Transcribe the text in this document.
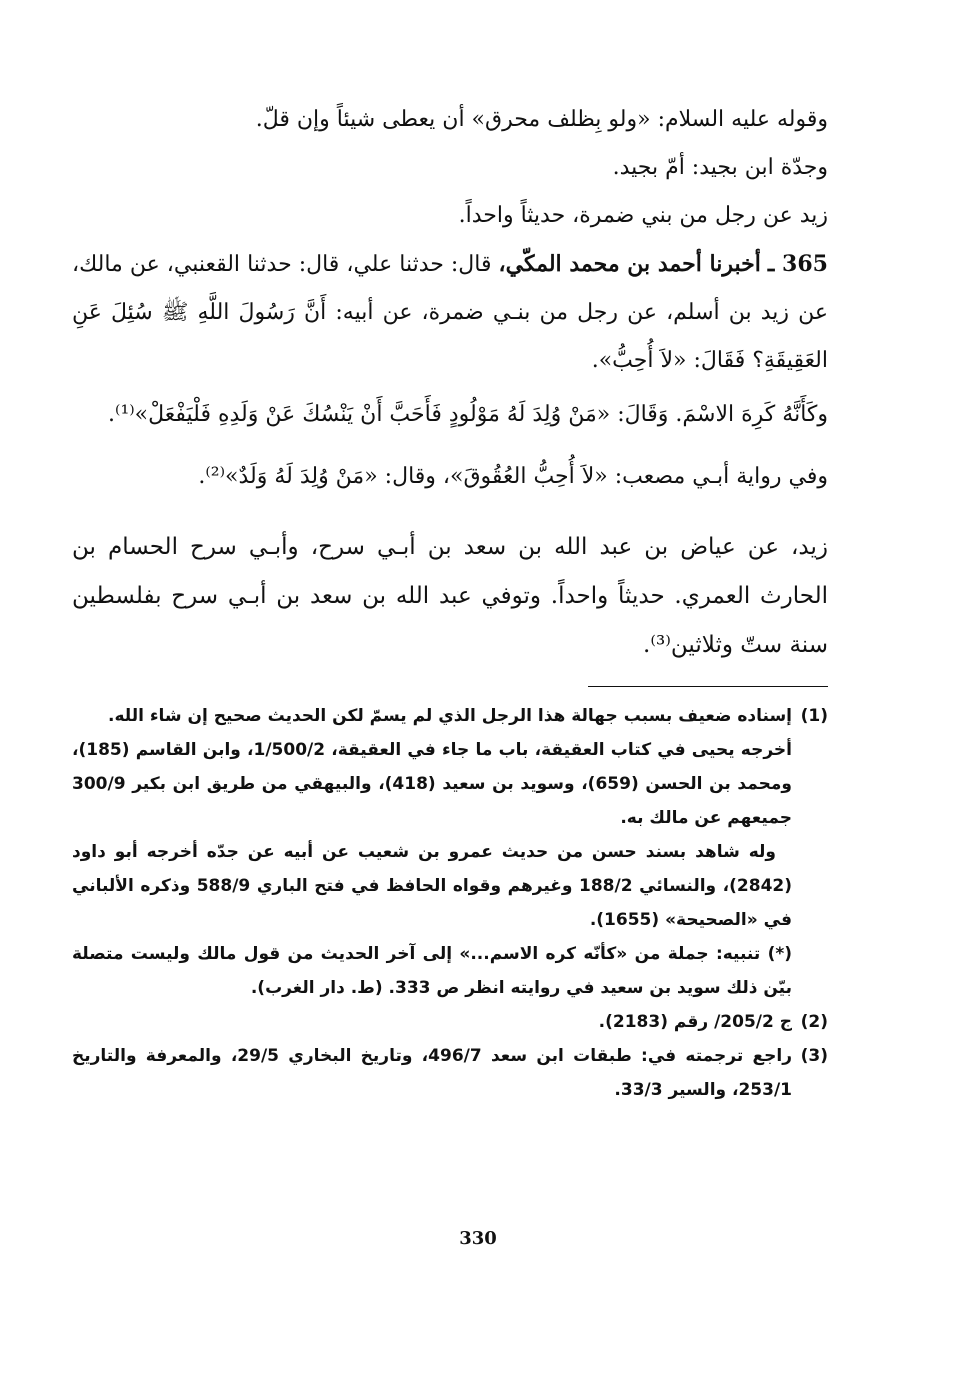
وقوله عليه السلام: «ولو بِظلف محرق» أن يعطى شيئاً وإن قلّ.

وجدّة ابن بجيد: أمّ بجيد.

زيد عن رجل من بني ضمرة، حديثاً واحداً.

365 ـ أخبرنا أحمد بن محمد المكّي، قال: حدثنا علي، قال: حدثنا القعنبي، عن مالك، عن زيد بن أسلم، عن رجل من بنـي ضمرة، عن أبيه: أَنَّ رَسُولَ اللَّهِ ﷺ سُئِلَ عَنِ العَقِيقَةِ؟ فَقَالَ: «لاَ أُحِبُّ».

وكَأَنَّهُ كَرِهَ الاسْمَ. وَقَالَ: «مَنْ وُلِدَ لَهُ مَوْلُودٍ فَأَحَبَّ أَنْ يَنْسُكَ عَنْ وَلَدِهِ فَلْيَفْعَلْ»⁽¹⁾.

وفي رواية أبـي مصعب: «لاَ أُحِبُّ العُقُوقَ»، وقال: «مَنْ وُلِدَ لَهُ وَلَدٌ»⁽²⁾.

زيد، عن عياض بن عبد الله بن سعد بن أبـي سرح، وأبـي سرح الحسام بن الحارث العمري. حديثاً واحداً. وتوفي عبد الله بن سعد بن أبـي سرح بفلسطين سنة ستّ وثلاثين⁽³⁾.

(1)
إسناده ضعيف بسبب جهالة هذا الرجل الذي لم يسمّ لكن الحديث صحيح إن شاء الله.

أخرجه يحيى في كتاب العقيقة، باب ما جاء في العقيقة، 1/500/2، وابن القاسم (185)، ومحمد بن الحسن (659)، وسويد بن سعيد (418)، والبيهقي من طريق ابن بكير 300/9 جميعهم عن مالك به.

وله شاهد بسند حسن من حديث عمرو بن شعيب عن أبيه عن جدّه أخرجه أبو داود (2842)، والنسائي 188/2 وغيرهم وقواه الحافظ في فتح الباري 588/9 وذكره الألباني في «الصحيحة» (1655).

(*) تنبيه: جملة من «كأنّه كره الاسم...» إلى آخر الحديث من قول مالك وليست متصلة بيّن ذلك سويد بن سعيد في روايته انظر ص 333. (ط. دار الغرب).

(2)
ج 205/2/ رقم (2183).

(3)
راجع ترجمته في: طبقات ابن سعد 496/7، وتاريخ البخاري 29/5، والمعرفة والتاريخ 253/1، والسير 33/3.

330
